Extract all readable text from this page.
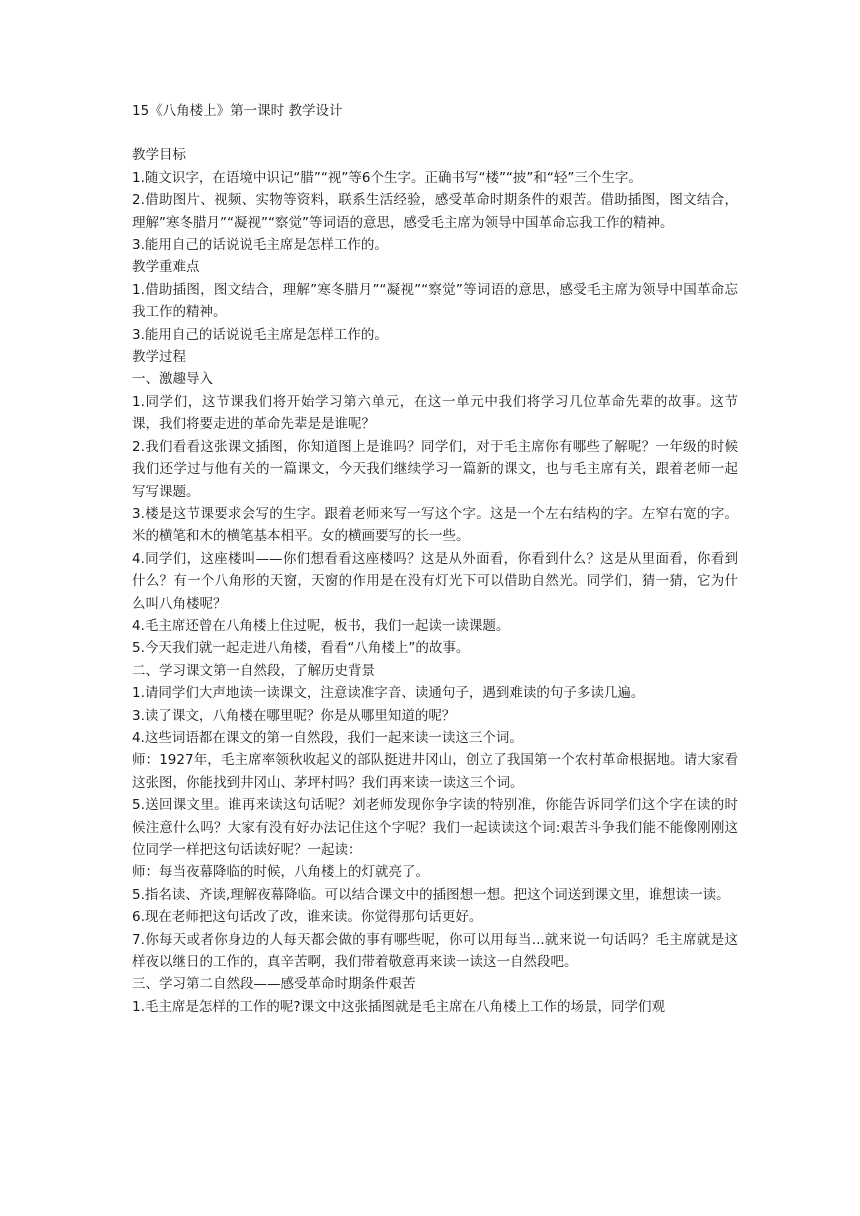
15《八角楼上》第一课时 教学设计

教学目标

1.随文识字，在语境中识记“腊”“视”等6个生字。正确书写“楼”“披”和“轻”三个生字。

2.借助图片、视频、实物等资料，联系生活经验，感受革命时期条件的艰苦。借助插图，图文结合，理解”寒冬腊月”“凝视”“察觉”等词语的意思，感受毛主席为领导中国革命忘我工作的精神。

3.能用自己的话说说毛主席是怎样工作的。

教学重难点

1.借助插图，图文结合，理解”寒冬腊月”“凝视”“察觉”等词语的意思，感受毛主席为领导中国革命忘我工作的精神。

3.能用自己的话说说毛主席是怎样工作的。

教学过程

一、激趣导入

1.同学们，这节课我们将开始学习第六单元，在这一单元中我们将学习几位革命先辈的故事。这节课，我们将要走进的革命先辈是是谁呢？

2.我们看看这张课文插图，你知道图上是谁吗？同学们，对于毛主席你有哪些了解呢？一年级的时候我们还学过与他有关的一篇课文，今天我们继续学习一篇新的课文，也与毛主席有关，跟着老师一起写写课题。

3.楼是这节课要求会写的生字。跟着老师来写一写这个字。这是一个左右结构的字。左窄右宽的字。米的横笔和木的横笔基本相平。女的横画要写的长一些。

4.同学们，这座楼叫——你们想看看这座楼吗？这是从外面看，你看到什么？这是从里面看，你看到什么？有一个八角形的天窗，天窗的作用是在没有灯光下可以借助自然光。同学们，猜一猜，它为什么叫八角楼呢？

4.毛主席还曾在八角楼上住过呢，板书，我们一起读一读课题。

5.今天我们就一起走进八角楼，看看“八角楼上”的故事。

二、学习课文第一自然段，了解历史背景

1.请同学们大声地读一读课文，注意读准字音、读通句子，遇到难读的句子多读几遍。

3.读了课文，八角楼在哪里呢？你是从哪里知道的呢？

4.这些词语都在课文的第一自然段，我们一起来读一读这三个词。

师：1927年，毛主席率领秋收起义的部队挺进井冈山，创立了我国第一个农村革命根据地。请大家看这张图，你能找到井冈山、茅坪村吗？我们再来读一读这三个词。

5.送回课文里。谁再来读这句话呢？刘老师发现你争字读的特别准，你能告诉同学们这个字在读的时候注意什么吗？大家有没有好办法记住这个字呢？我们一起读读这个词:艰苦斗争我们能不能像刚刚这位同学一样把这句话读好呢？一起读：

师：每当夜幕降临的时候，八角楼上的灯就亮了。

5.指名读、齐读,理解夜幕降临。可以结合课文中的插图想一想。把这个词送到课文里，谁想读一读。

6.现在老师把这句话改了改，谁来读。你觉得那句话更好。

7.你每天或者你身边的人每天都会做的事有哪些呢，你可以用每当...就来说一句话吗？毛主席就是这样夜以继日的工作的，真辛苦啊，我们带着敬意再来读一读这一自然段吧。

三、学习第二自然段——感受革命时期条件艰苦

1.毛主席是怎样的工作的呢?课文中这张插图就是毛主席在八角楼上工作的场景，同学们观
